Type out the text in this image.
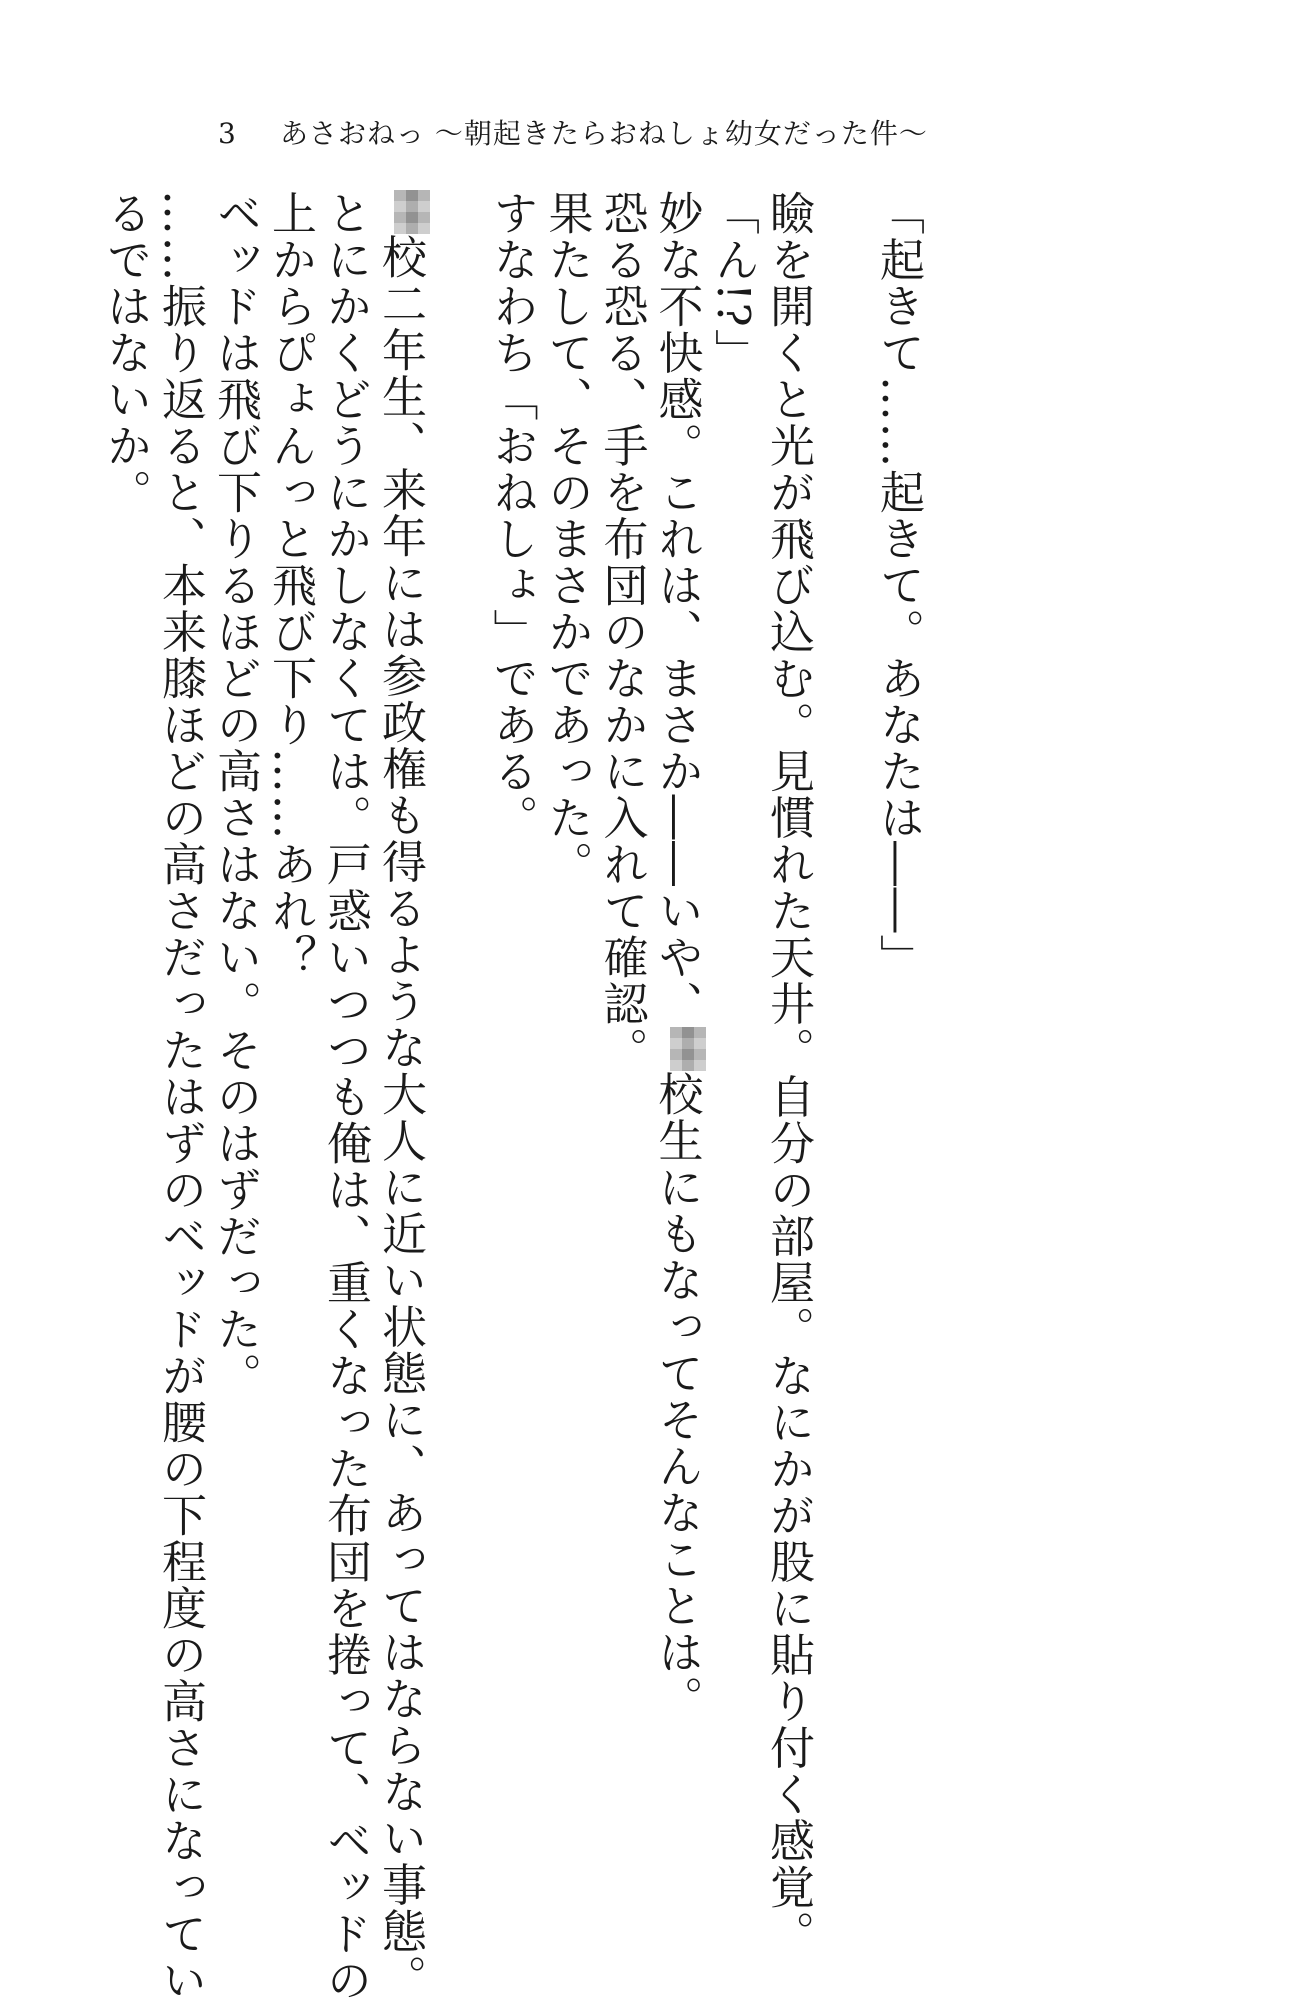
3 あさおねっ ～朝起きたらおねしょ幼女だった件～
「起きて……起きて。あなたは――」
瞼を開くと光が飛び込む。見慣れた天井。自分の部屋。なにかが股に貼り付く感覚。
「ん!?」
妙な不快感。これは、まさか――いや、校生にもなってそんなことは。
恐る恐る、手を布団のなかに入れて確認。
果たして、そのまさかであった。
すなわち「おねしょ」である。
校二年生、来年には参政権も得るような大人に近い状態に、あってはならない事態。
とにかくどうにかしなくては。戸惑いつつも俺は、重くなった布団を捲って、ベッドの
上からぴょんっと飛び下り……あれ？
ベッドは飛び下りるほどの高さはない。そのはずだった。
……振り返ると、本来膝ほどの高さだったはずのベッドが腰の下程度の高さになってい
るではないか。
